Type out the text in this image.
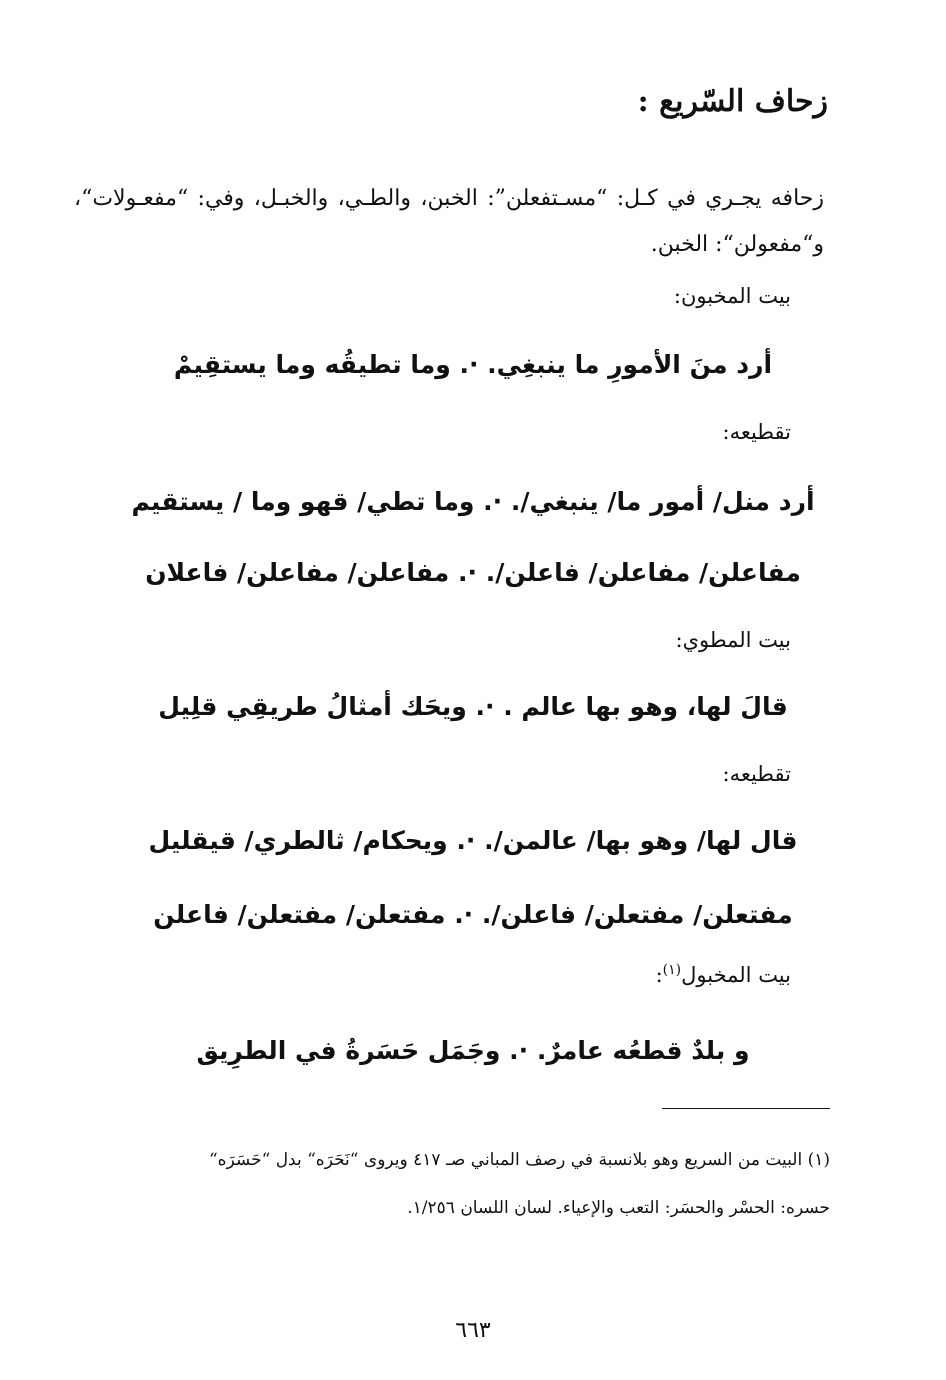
زحاف السّريع :
زحافه يجـري في كـل: “مسـتفعلن”: الخبن، والطـي، والخبـل، وفي: “مفعـولات“، و“مفعولن“: الخبن.
بيت المخبون:
أرد منَ الأمورِ ما ينبغِي. ·. وما تطيقُه وما يستقِيمْ
تقطيعه:
أرد منل/ أمور ما/ ينبغي/. ·. وما تطي/ قهو وما / يستقيم
مفاعلن/ مفاعلن/ فاعلن/. ·. مفاعلن/ مفاعلن/ فاعلان
بيت المطوي:
قالَ لها، وهو بها عالم . ·. ويحَك أمثالُ طريقِي قلِيل
تقطيعه:
قال لها/ وهو بها/ عالمن/. ·. ويحكام/ ثالطري/ قيقليل
مفتعلن/ مفتعلن/ فاعلن/. ·. مفتعلن/ مفتعلن/ فاعلن
بيت المخبول$^{(١)}$:
و بلدٌ قطعُه عامرٌ. ·. وجَمَل حَسَرةُ في الطرِيق
(١) البيت من السريع وهو بلانسبة في رصف المباني صـ ٤١٧ ويروى “نَحَرَه“ بدل “حَسَرَه“
حسره: الحسْر والحسَر: التعب والإعياء. لسان اللسان ١/٢٥٦.
٦٦٣
